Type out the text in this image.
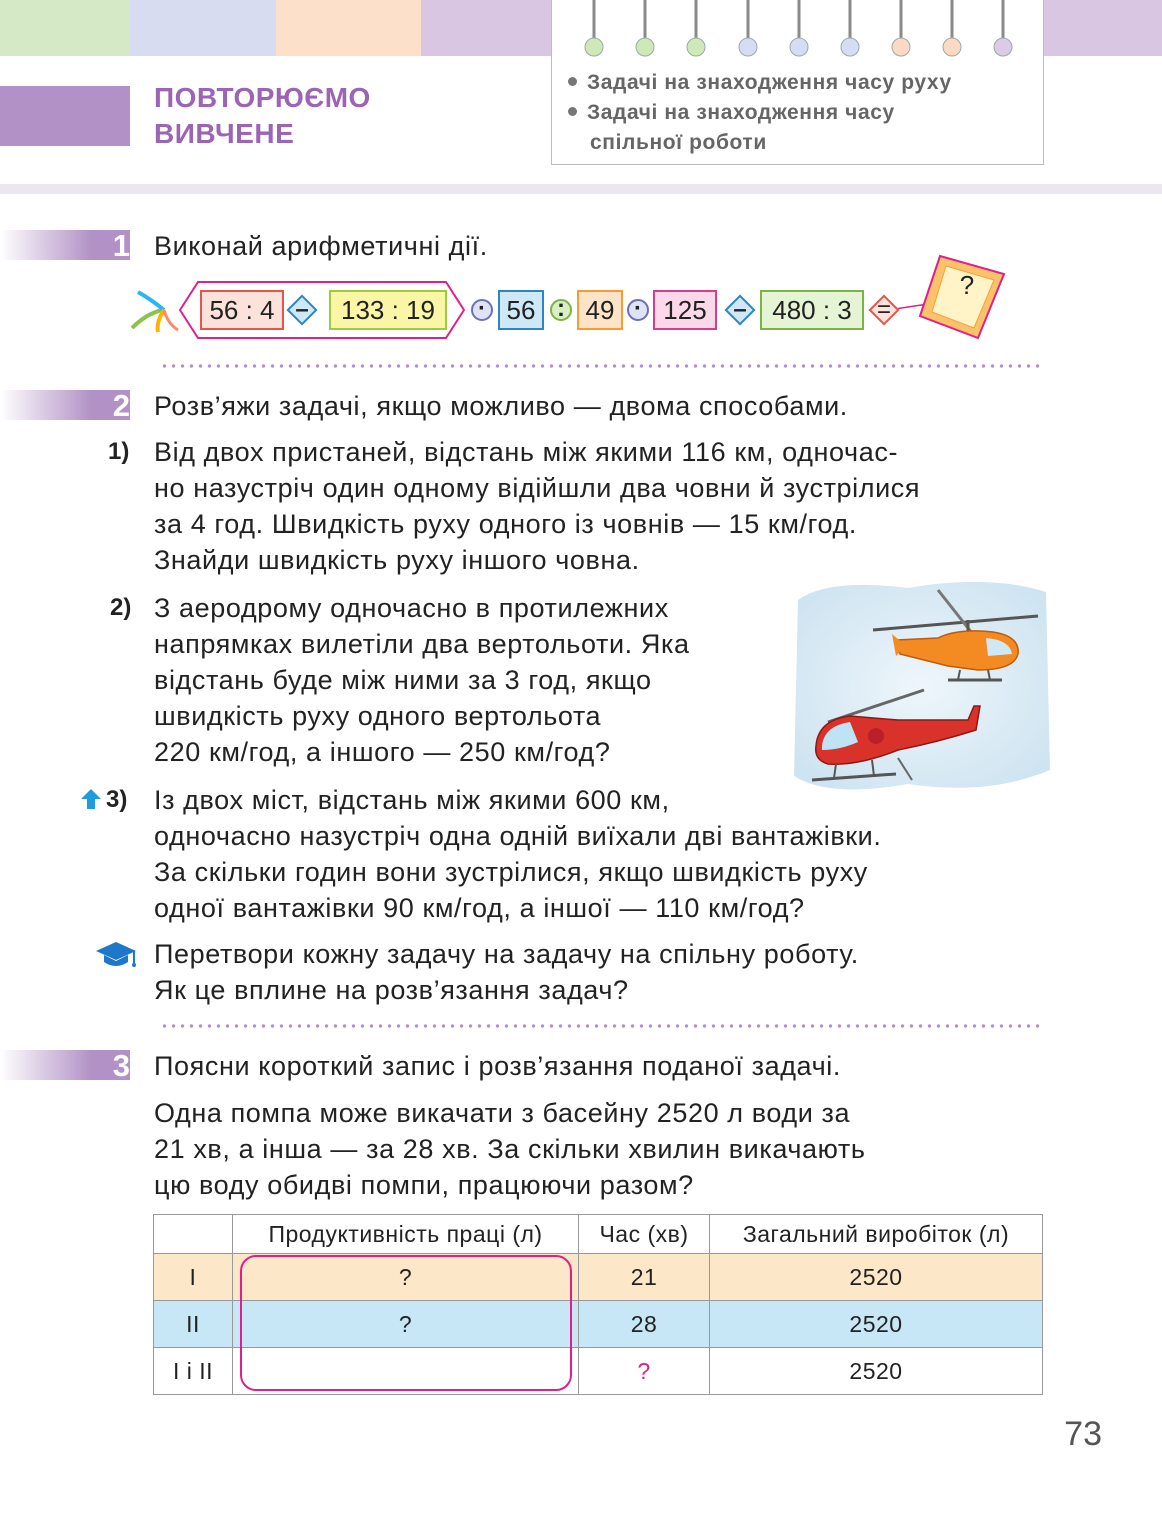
ПОВТОРЮЄМО
ВИВЧЕНЕ
Задачі на знаходження часу руху
Задачі на знаходження часу
спільної роботи
1 Виконай арифметичні дії.
56 : 4 –	133 : 19	· 56 : 49 · 125	– 480 : 3	=
?
2 Розв’яжи задачі, якщо можливо — двома способами.
1) Від двох пристаней, відстань між якими 116 км, одночас-
но назустріч один одному відійшли два човни й зустрілися
за 4 год. Швидкість руху одного із човнів — 15 км/год.
Знайди швидкість руху іншого човна.
2) З аеродрому одночасно в протилежних
напрямках вилетіли два вертольоти. Яка
відстань буде між ними за 3 год, якщо
швидкість руху одного вертольота
220 км/год, а іншого — 250 км/год?
3) Із двох міст, відстань між якими 600 км,
одночасно назустріч одна одній виїхали дві вантажівки.
За скільки годин вони зустрілися, якщо швидкість руху
одної вантажівки 90 км/год, а іншої — 110 км/год?
Перетвори кожну задачу на задачу на спільну роботу.
Як це вплине на розв’язання задач?
3 Поясни короткий запис і розв’язання поданої задачі.
Одна помпа може викачати з басейну 2520 л води за
21 хв, а інша — за 28 хв. За скільки хвилин викачають
цю воду обидві помпи, працюючи разом?
	Продуктивність праці (л)	Час (хв)	Загальний виробіток (л)
I	?	21	2520
II	?	28	2520
I і II		?	2520
73
